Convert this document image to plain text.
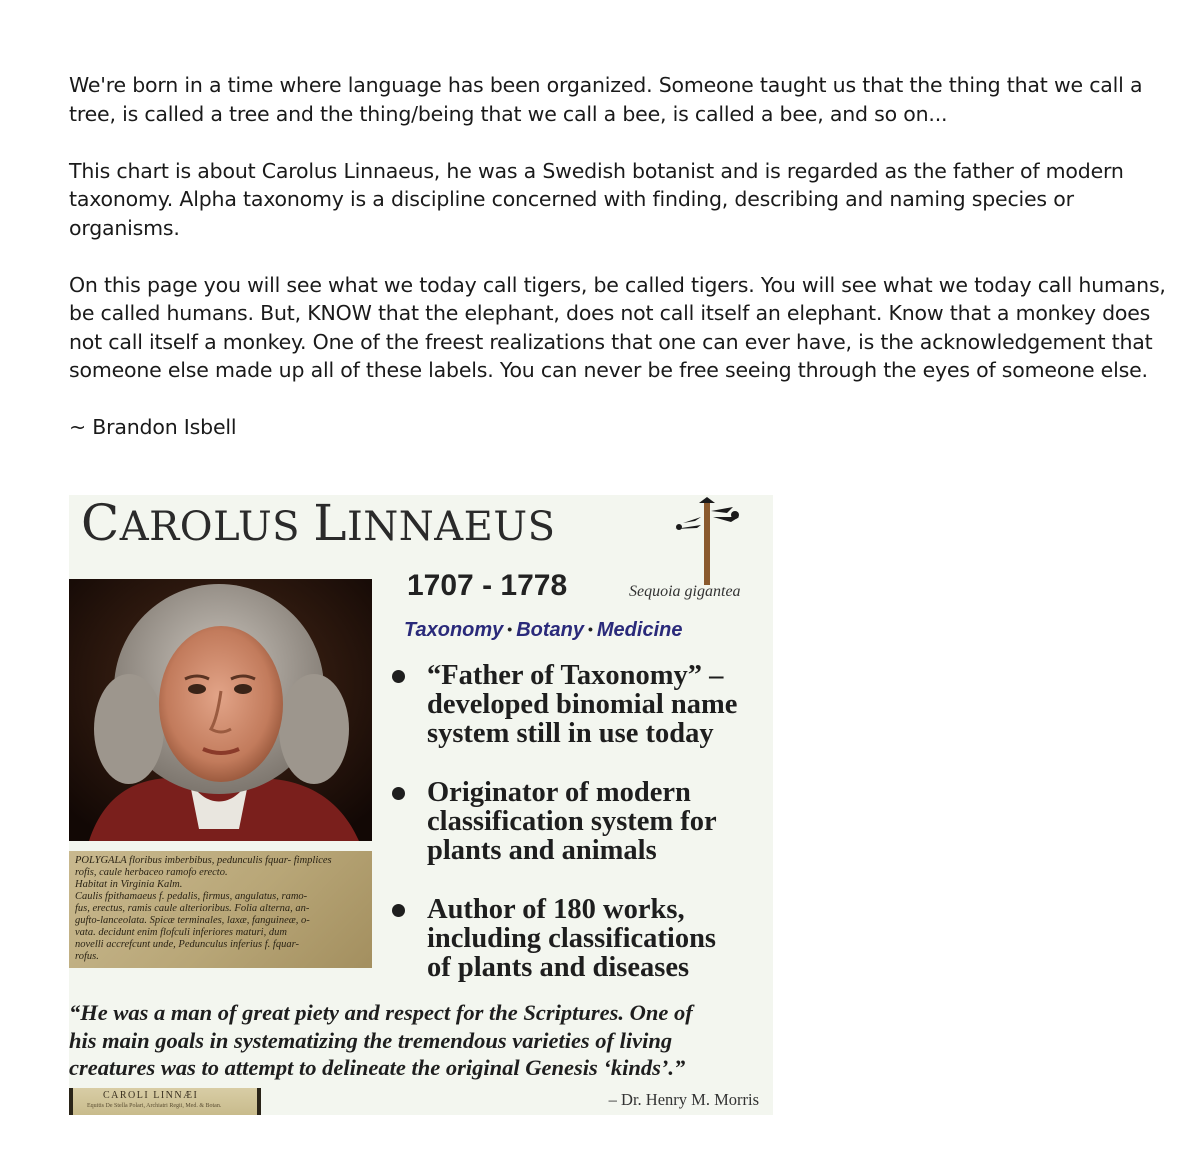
We're born in a time where language has been organized. Someone taught us that the thing that we call a tree, is called a tree and the thing/being that we call a bee, is called a bee, and so on...

This chart is about Carolus Linnaeus, he was a Swedish botanist and is regarded as the father of modern taxonomy. Alpha taxonomy is a discipline concerned with finding, describing and naming species or organisms.

On this page you will see what we today call tigers, be called tigers. You will see what we today call humans, be called humans. But, KNOW that the elephant, does not call itself an elephant. Know that a monkey does not call itself a monkey. One of the freest realizations that one can ever have, is the acknowledgement that someone else made up all of these labels. You can never be free seeing through the eyes of someone else.

~ Brandon Isbell

CAROLUS LINNAEUS
1707 - 1778	Sequoia gigantea
Taxonomy • Botany • Medicine
POLYGALA floribus imberbibus, pedunculis fquar- fimplices
rofis, caule herbaceo ramofo erecto.
Habitat in Virginia Kalm.
Caulis fpithamaeus f. pedalis, firmus, angulatus, ramo-
fus, erectus, ramis caule alterioribus. Folia alterna, an-
gufto-lanceolata. Spicæ terminales, laxæ, fanguineæ, o-
vata. decidunt enim flofculi inferiores maturi, dum
novelli accrefcunt unde, Pedunculus inferius f. fquar-
rofus.
“Father of Taxonomy” –
developed binomial name
system still in use today
Originator of modern
classification system for
plants and animals
Author of 180 works,
including classifications
of plants and diseases
“He was a man of great piety and respect for the Scriptures. One of
his main goals in systematizing the tremendous varieties of living
creatures was to attempt to delineate the original Genesis ‘kinds’.”
CAROLI LINNÆI
Equitis De Stella Polari, Archiatri Regii, Med. & Botan.	– Dr. Henry M. Morris
